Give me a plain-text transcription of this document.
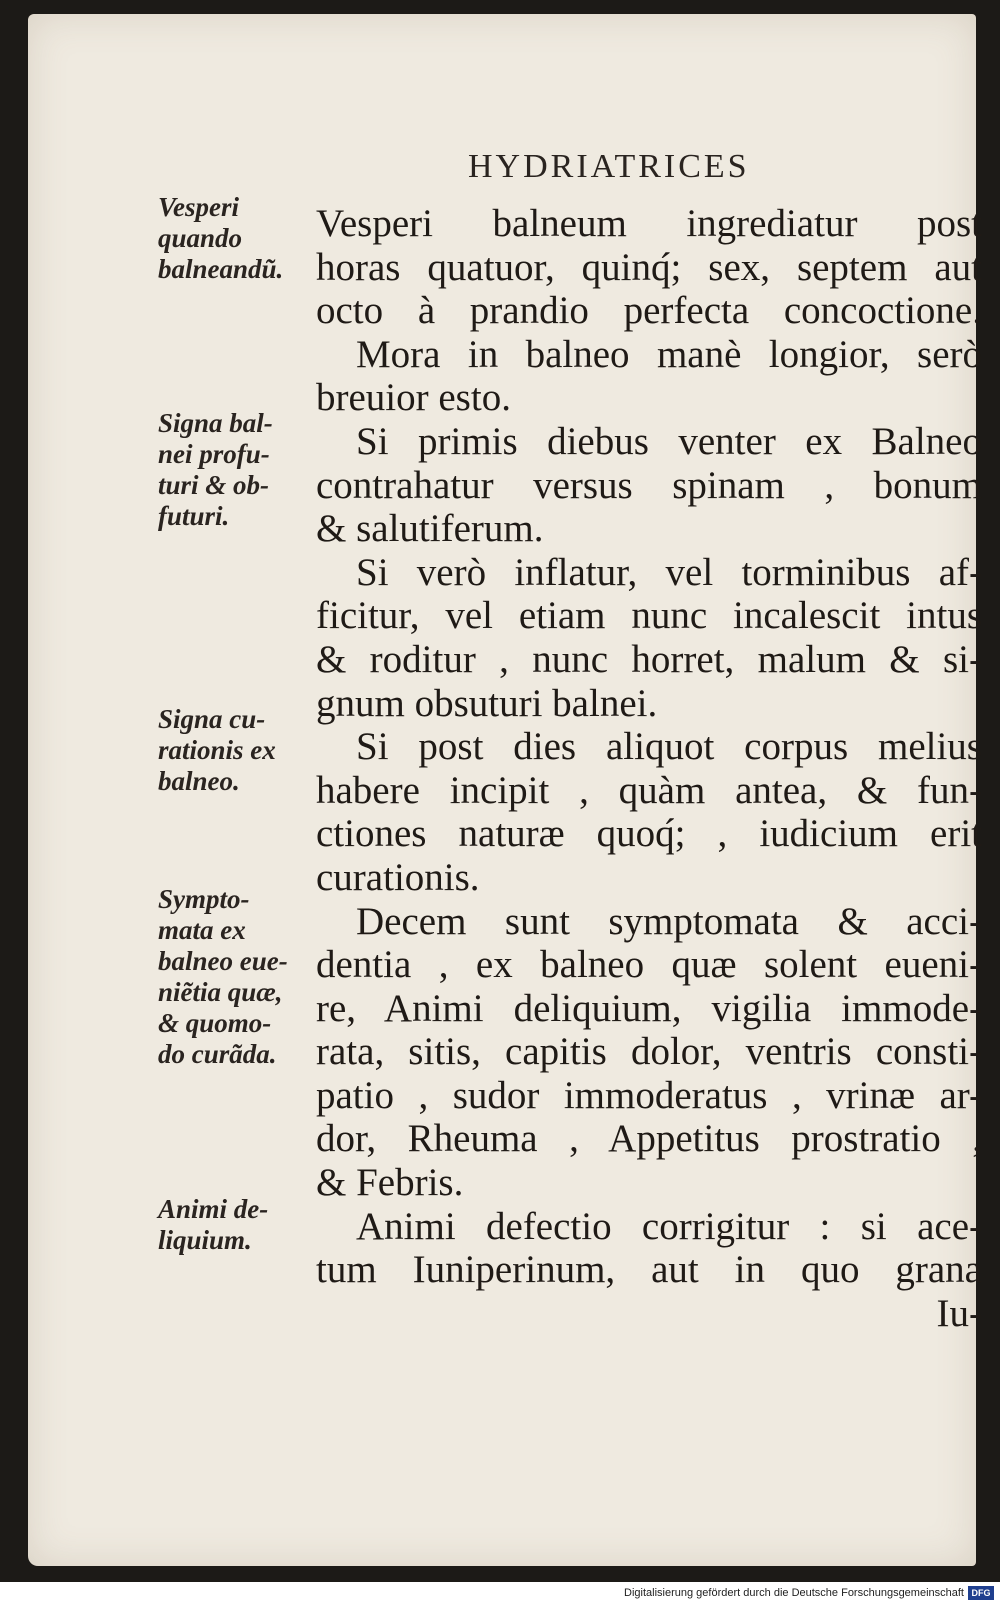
HYDRIATRICES
Vesperi balneum ingrediatur post
horas quatuor, quinq́; sex, septem aut
octo à prandio perfecta concoctione.
Mora in balneo manè longior, serò
breuior esto.
Si primis diebus venter ex Balneo
contrahatur versus spinam , bonum
& salutiferum.
Si verò inflatur, vel torminibus af-
ficitur, vel etiam nunc incalescit intus
& roditur , nunc horret, malum & si-
gnum obsuturi balnei.
Si post dies aliquot corpus melius
habere incipit , quàm antea, & fun-
ctiones naturæ quoq́; , iudicium erit
curationis.
Decem sunt symptomata & acci-
dentia , ex balneo quæ solent eueni-
re, Animi deliquium, vigilia immode-
rata, sitis, capitis dolor, ventris consti-
patio , sudor immoderatus , vrinæ ar-
dor, Rheuma , Appetitus prostratio ,
& Febris.
Animi defectio corrigitur : si ace-
tum Iuniperinum, aut in quo grana
Iu-
Vesperi
quando
balneandũ.
Signa bal-
nei profu-
turi & ob-
futuri.
Signa cu-
rationis ex
balneo.
Sympto-
mata ex
balneo eue-
niẽtia quæ,
& quomo-
do curãda.
Animi de-
liquium.
Digitalisierung gefördert durch die Deutsche Forschungsgemeinschaft DFG
